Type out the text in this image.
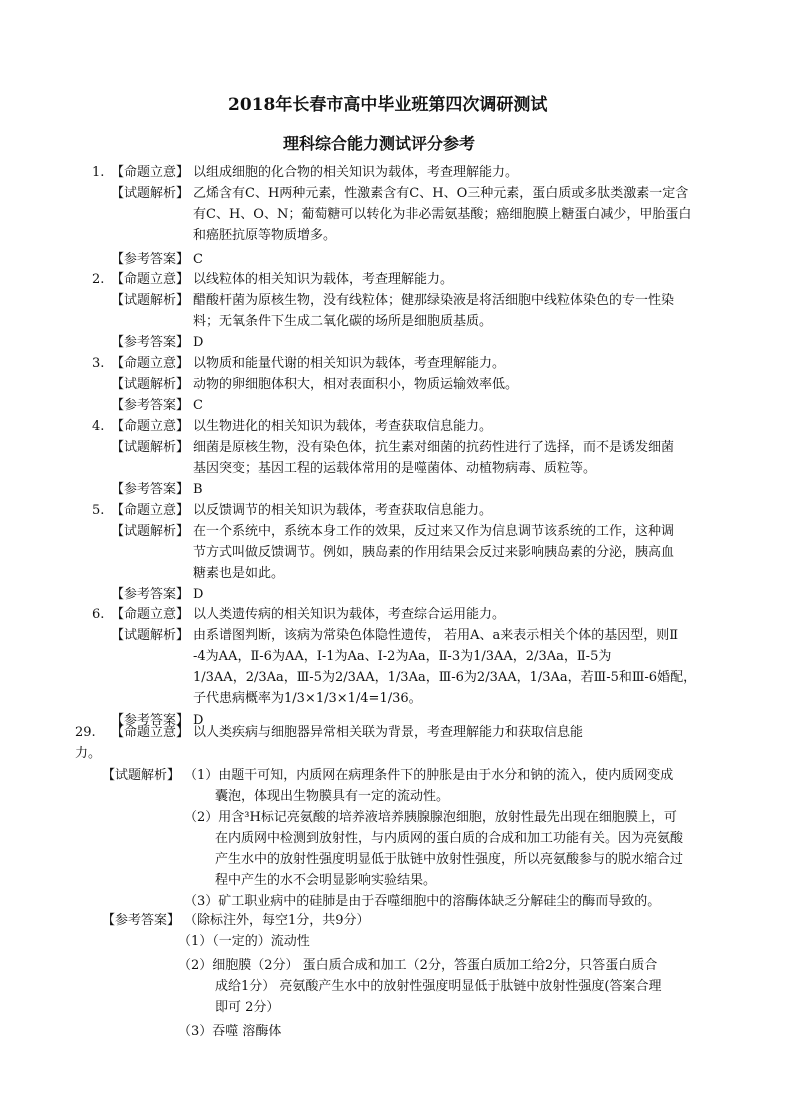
2018年长春市高中毕业班第四次调研测试
理科综合能力测试评分参考
1. 【命题立意】 以组成细胞的化合物的相关知识为载体，考查理解能力。
【试题解析】 乙烯含有C、H两种元素，性激素含有C、H、O三种元素，蛋白质或多肽类激素一定含
有C、H、O、N；葡萄糖可以转化为非必需氨基酸；癌细胞膜上糖蛋白减少，甲胎蛋白
和癌胚抗原等物质增多。
【参考答案】 C
2. 【命题立意】 以线粒体的相关知识为载体，考查理解能力。
【试题解析】 醋酸杆菌为原核生物，没有线粒体；健那绿染液是将活细胞中线粒体染色的专一性染
料；无氧条件下生成二氧化碳的场所是细胞质基质。
【参考答案】 D
3. 【命题立意】 以物质和能量代谢的相关知识为载体，考查理解能力。
【试题解析】 动物的卵细胞体积大，相对表面积小，物质运输效率低。
【参考答案】 C
4. 【命题立意】 以生物进化的相关知识为载体，考查获取信息能力。
【试题解析】 细菌是原核生物，没有染色体，抗生素对细菌的抗药性进行了选择，而不是诱发细菌
基因突变；基因工程的运载体常用的是噬菌体、动植物病毒、质粒等。
【参考答案】 B
5. 【命题立意】 以反馈调节的相关知识为载体，考查获取信息能力。
【试题解析】 在一个系统中，系统本身工作的效果，反过来又作为信息调节该系统的工作，这种调
节方式叫做反馈调节。例如，胰岛素的作用结果会反过来影响胰岛素的分泌，胰高血
糖素也是如此。
【参考答案】 D
6. 【命题立意】 以人类遗传病的相关知识为载体，考查综合运用能力。
【试题解析】 由系谱图判断，该病为常染色体隐性遗传， 若用A、a来表示相关个体的基因型，则Ⅱ
-4为AA，Ⅱ-6为AA，Ⅰ-1为Aa、Ⅰ-2为Aa，Ⅱ-3为1/3AA，2/3Aa，Ⅱ-5为
1/3AA，2/3Aa，Ⅲ-5为2/3AA，1/3Aa，Ⅲ-6为2/3AA，1/3Aa，若Ⅲ-5和Ⅲ-6婚配，
子代患病概率为1/3×1/3×1/4=1/36。
【参考答案】 D
29. 【命题立意】 以人类疾病与细胞器异常相关联为背景，考查理解能力和获取信息能
力。
【试题解析】 （1）由题干可知，内质网在病理条件下的肿胀是由于水分和钠的流入，使内质网变成
囊泡，体现出生物膜具有一定的流动性。
（2）用含³H标记亮氨酸的培养液培养胰腺腺泡细胞，放射性最先出现在细胞膜上，可
在内质网中检测到放射性，与内质网的蛋白质的合成和加工功能有关。因为亮氨酸
产生水中的放射性强度明显低于肽链中放射性强度，所以亮氨酸参与的脱水缩合过
程中产生的水不会明显影响实验结果。
（3）矿工职业病中的硅肺是由于吞噬细胞中的溶酶体缺乏分解硅尘的酶而导致的。
【参考答案】 （除标注外，每空1分，共9分）
（1）（一定的）流动性
（2）细胞膜（2分） 蛋白质合成和加工（2分，答蛋白质加工给2分，只答蛋白质合
成给1分） 亮氨酸产生水中的放射性强度明显低于肽链中放射性强度(答案合理
即可 2分）
（3）吞噬 溶酶体
